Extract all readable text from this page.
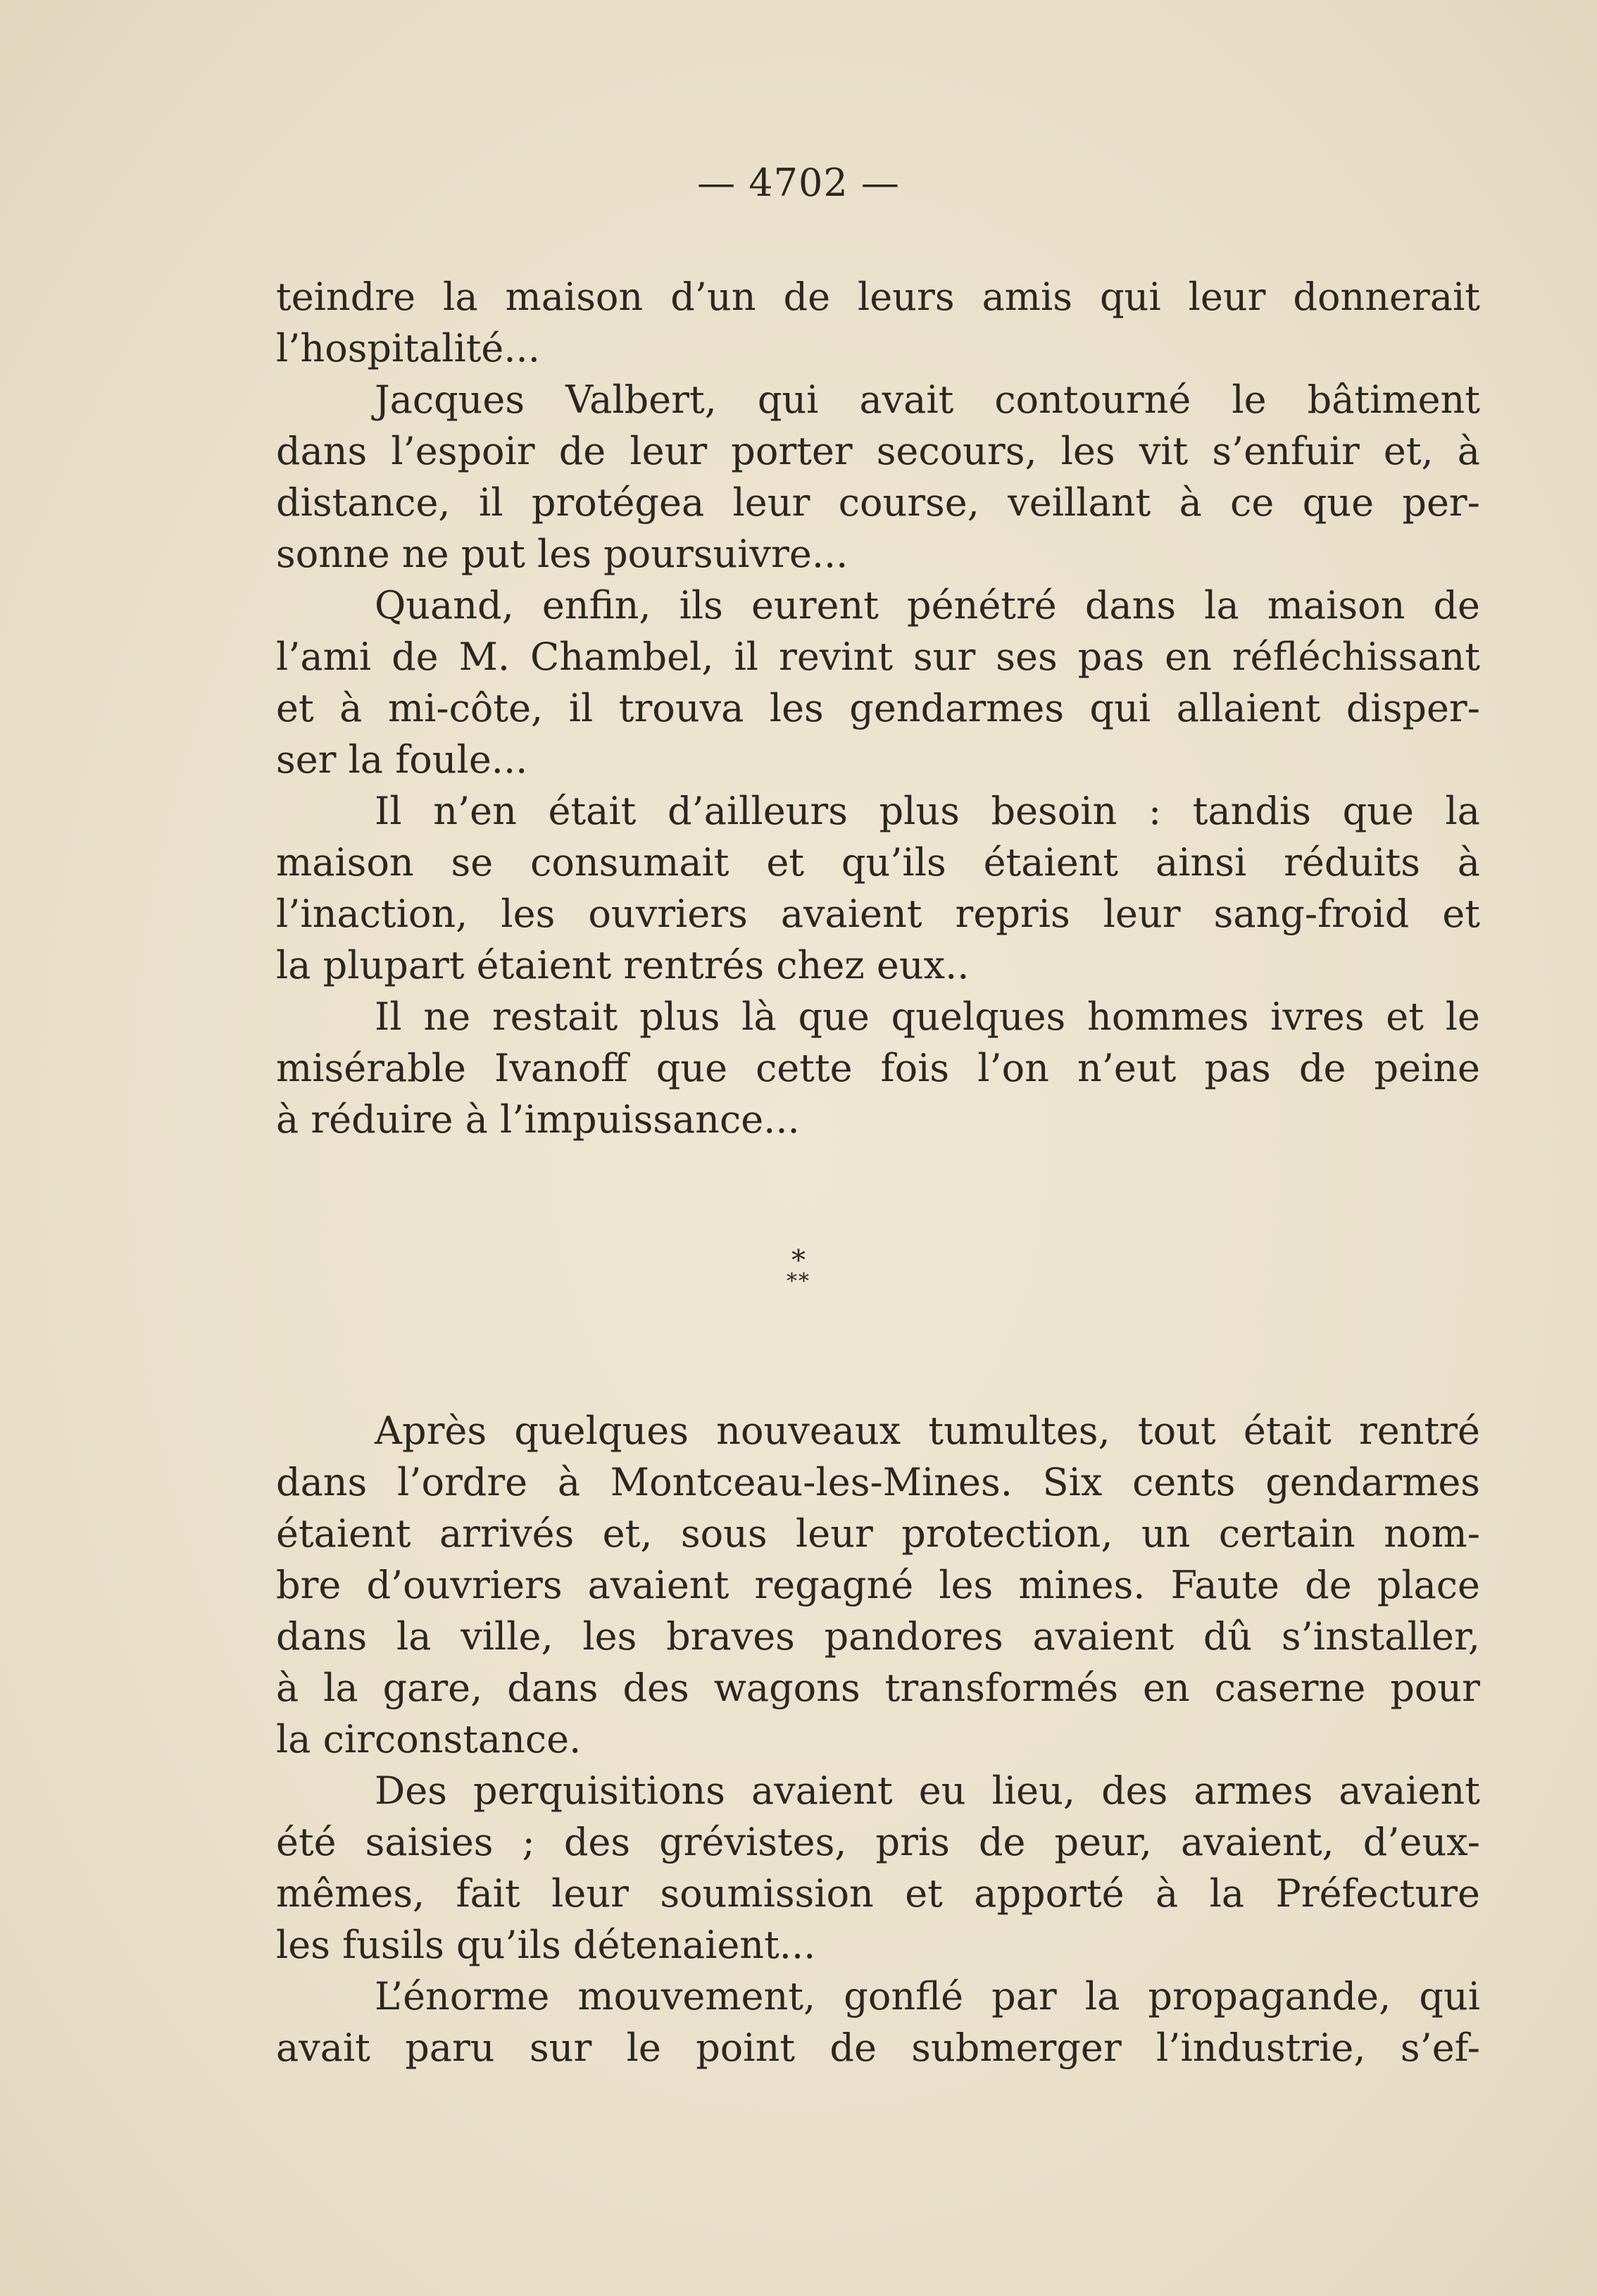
— 4702 —

teindre la maison d’un de leurs amis qui leur donnerait
l’hospitalité...

Jacques Valbert, qui avait contourné le bâtiment
dans l’espoir de leur porter secours, les vit s’enfuir et, à
distance, il protégea leur course, veillant à ce que per-
sonne ne put les poursuivre...

Quand, enfin, ils eurent pénétré dans la maison de
l’ami de M. Chambel, il revint sur ses pas en réfléchissant
et à mi-côte, il trouva les gendarmes qui allaient disper-
ser la foule...

Il n’en était d’ailleurs plus besoin : tandis que la
maison se consumait et qu’ils étaient ainsi réduits à
l’inaction, les ouvriers avaient repris leur sang-froid et
la plupart étaient rentrés chez eux..

Il ne restait plus là que quelques hommes ivres et le
misérable Ivanoff que cette fois l’on n’eut pas de peine
à réduire à l’impuissance...

*
**

Après quelques nouveaux tumultes, tout était rentré
dans l’ordre à Montceau-les-Mines. Six cents gendarmes
étaient arrivés et, sous leur protection, un certain nom-
bre d’ouvriers avaient regagné les mines. Faute de place
dans la ville, les braves pandores avaient dû s’installer,
à la gare, dans des wagons transformés en caserne pour
la circonstance.

Des perquisitions avaient eu lieu, des armes avaient
été saisies ; des grévistes, pris de peur, avaient, d’eux-
mêmes, fait leur soumission et apporté à la Préfecture
les fusils qu’ils détenaient...

L’énorme mouvement, gonflé par la propagande, qui
avait paru sur le point de submerger l’industrie, s’ef-
